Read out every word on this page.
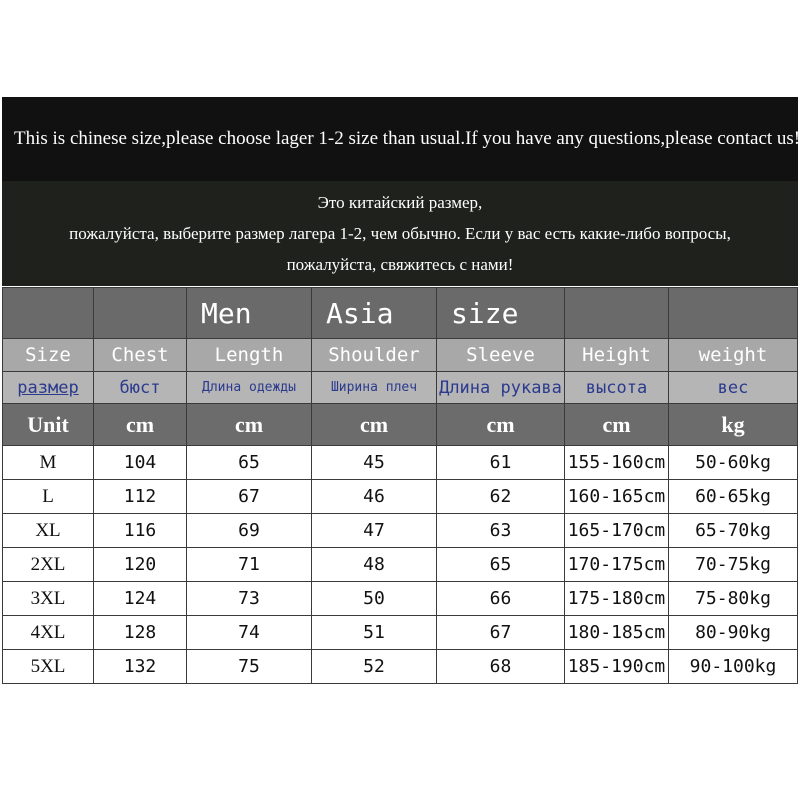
This is chinese size,please choose lager 1-2 size than usual.If you have any questions,please contact us!
Это китайский размер,
пожалуйста, выберите размер лагера 1-2, чем обычно. Если у вас есть какие-либо вопросы,
пожалуйста, свяжитесь с нами!
		Men	Asia	size		
Size	Chest	Length	Shoulder	Sleeve	Height	weight
размер	бюст	Длина одежды	Ширина плеч	Длина рукава	высота	вес
Unit	cm	cm	cm	cm	cm	kg
M	104	65	45	61	155-160cm	50-60kg
L	112	67	46	62	160-165cm	60-65kg
XL	116	69	47	63	165-170cm	65-70kg
2XL	120	71	48	65	170-175cm	70-75kg
3XL	124	73	50	66	175-180cm	75-80kg
4XL	128	74	51	67	180-185cm	80-90kg
5XL	132	75	52	68	185-190cm	90-100kg
